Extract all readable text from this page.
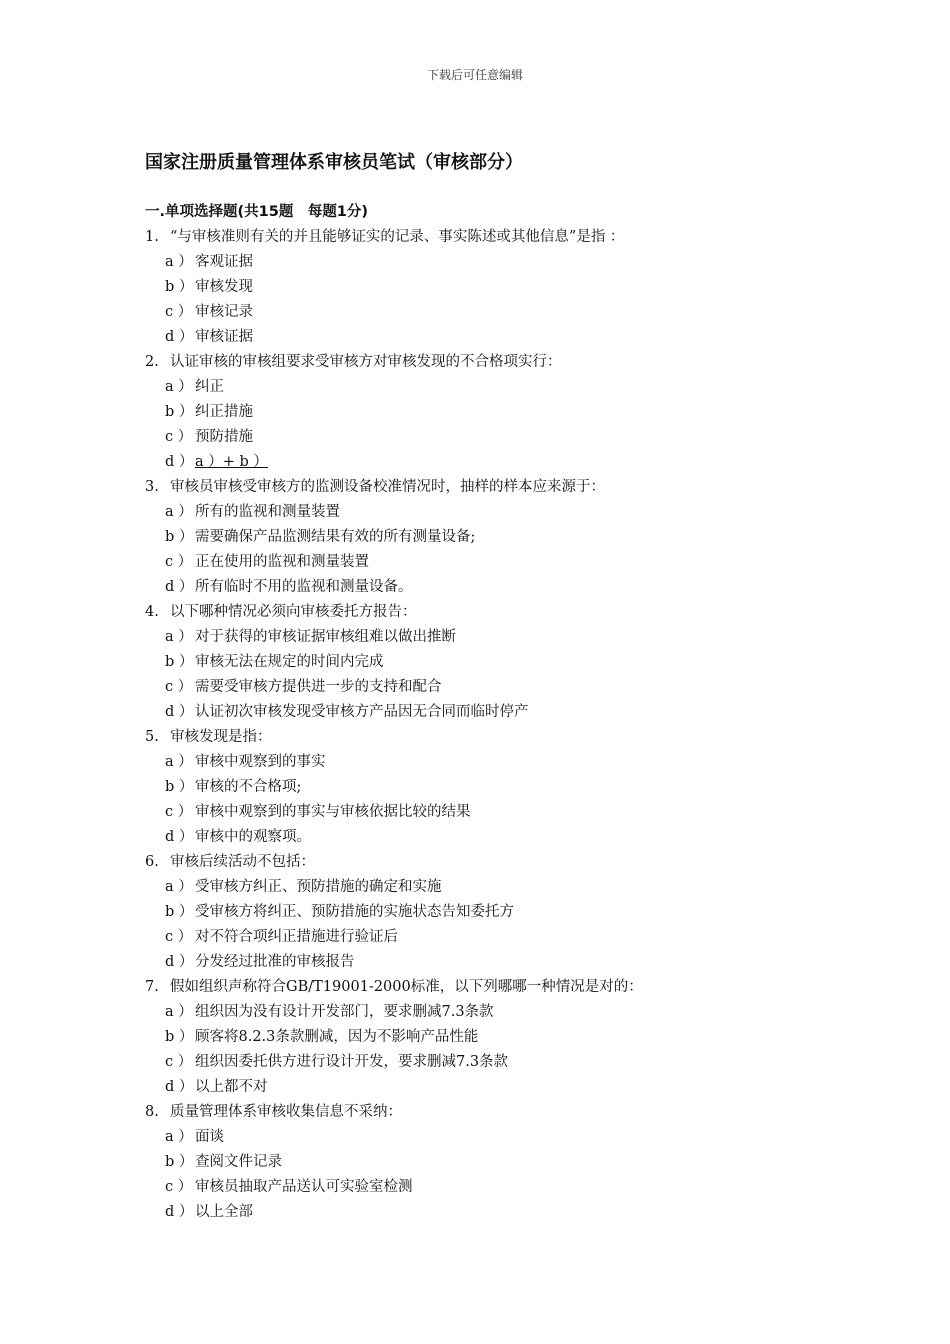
下载后可任意编辑
国家注册质量管理体系审核员笔试（审核部分）
一.单项选择题(共15题　每题1分)
1. “与审核准则有关的并且能够证实的记录、事实陈述或其他信息”是指 ：
a ） 客观证据
b ） 审核发现
c ） 审核记录
d ） 审核证据
2. 认证审核的审核组要求受审核方对审核发现的不合格项实行：
a ） 纠正
b ） 纠正措施
c ） 预防措施
d ） a ）+ b ）
3. 审核员审核受审核方的监测设备校准情况时，抽样的样本应来源于：
a ） 所有的监视和测量装置
b ） 需要确保产品监测结果有效的所有测量设备;
c ） 正在使用的监视和测量装置
d ） 所有临时不用的监视和测量设备。
4. 以下哪种情况必须向审核委托方报告：
a ） 对于获得的审核证据审核组难以做出推断
b ） 审核无法在规定的时间内完成
c ） 需要受审核方提供进一步的支持和配合
d ） 认证初次审核发现受审核方产品因无合同而临时停产
5. 审核发现是指：
a ） 审核中观察到的事实
b ） 审核的不合格项;
c ） 审核中观察到的事实与审核依据比较的结果
d ） 审核中的观察项。
6. 审核后续活动不包括：
a ） 受审核方纠正、预防措施的确定和实施
b ） 受审核方将纠正、预防措施的实施状态告知委托方
c ） 对不符合项纠正措施进行验证后
d ） 分发经过批准的审核报告
7. 假如组织声称符合GB/T19001-2000标准，以下列哪哪一种情况是对的：
a ） 组织因为没有设计开发部门，要求删减7.3条款
b ） 顾客将8.2.3条款删减，因为不影响产品性能
c ） 组织因委托供方进行设计开发，要求删减7.3条款
d ） 以上都不对
8. 质量管理体系审核收集信息不采纳：
a ） 面谈
b ） 查阅文件记录
c ） 审核员抽取产品送认可实验室检测
d ） 以上全部
